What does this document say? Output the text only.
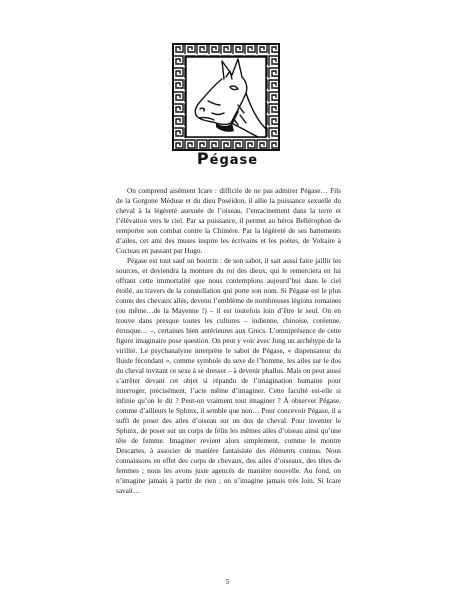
Pégase

On comprend aisément Icare : difficile de ne pas admirer Pégase… Fils de la Gorgone Méduse et du dieu Poséidon, il allie la puissance sexuelle du cheval à la légèreté asexuée de l’oiseau, l’enracinement dans la terre et l’élévation vers le ciel. Par sa puissance, il permet au héros Bellérophon de remporter son combat contre la Chimère. Par la légèreté de ses battements d’ailes, cet ami des muses inspire les écrivains et les poètes, de Voltaire à Cocteau en passant par Hugo.

Pégase est tout sauf un bourrin : de son sabot, il sait aussi faire jaillir les sources, et deviendra la monture du roi des dieux, qui le remerciera en lui offrant cette immortalité que nous contemplons aujourd’hui dans le ciel étoilé, au travers de la constellation qui porte son nom. Si Pégase est le plus connu des chevaux ailés, devenu l’emblème de nombreuses légions romaines (ou même…de la Mayenne !) – il est toutefois loin d’être le seul. On en trouve dans presque toutes les cultures – indienne, chinoise, coréenne, étrusque… –, certaines bien antérieures aux Grecs. L’omniprésence de cette figure imaginaire pose question. On peut y voir avec Jung un archétype de la virilité. Le psychanalyste interprète le sabot de Pégase, « dispensateur du fluide fécondant », comme symbole du sexe de l’homme, les ailes sur le dos du cheval invitant ce sexe à se dresser – à devenir phallus. Mais on peut aussi s’arrêter devant cet objet si répandu de l’imagination humaine pour interroger, précisément, l’acte même d’imaginer. Cette faculté est-elle si infinie qu’on le dit ? Peut-on vraiment tout imaginer ? À observer Pégase, comme d’ailleurs le Sphinx, il semble que non… Pour concevoir Pégase, il a suffi de poser des ailes d’oiseau sur un dos de cheval. Pour inventer le Sphinx, de poser sur un corps de félin les mêmes ailes d’oiseau ainsi qu’une tête de femme. Imaginer revient alors simplement, comme le montre Descartes, à associer de manière fantaisiste des éléments connus. Nous connaissons en effet des corps de chevaux, des ailes d’oiseaux, des têtes de femmes ; nous les avons juste agencés de manière nouvelle. Au fond, on n’imagine jamais à partir de rien ; on n’imagine jamais très loin. Si Icare savait…

5
